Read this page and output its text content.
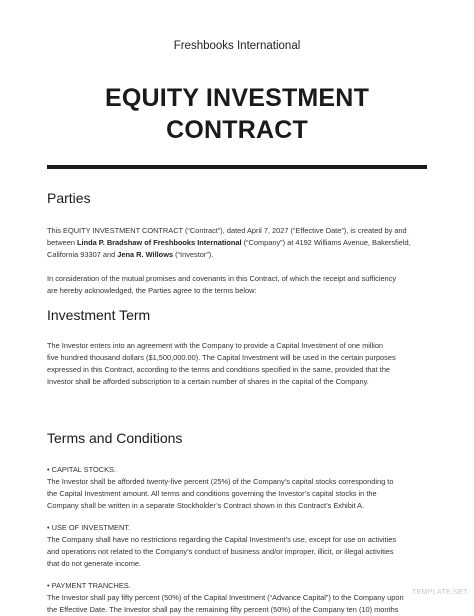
Freshbooks International
EQUITY INVESTMENT
CONTRACT
Parties

This EQUITY INVESTMENT CONTRACT (“Contract”), dated April 7, 2027 (“Effective Date”), is created by and
between Linda P. Bradshaw of Freshbooks International (“Company”) at 4192 Williams Avenue, Bakersfield,
California 93307 and Jena R. Willows (“Investor”).

In consideration of the mutual promises and covenants in this Contract, of which the receipt and sufficiency
are hereby acknowledged, the Parties agree to the terms below:

Investment Term

The Investor enters into an agreement with the Company to provide a Capital Investment of one million
five hundred thousand dollars ($1,500,000.00). The Capital Investment will be used in the certain purposes
expressed in this Contract, according to the terms and conditions specified in the same, provided that the
Investor shall be afforded subscription to a certain number of shares in the capital of the Company.

Terms and Conditions

• CAPITAL STOCKS.
The Investor shall be afforded twenty-five percent (25%) of the Company’s capital stocks corresponding to
the Capital Investment amount. All terms and conditions governing the Investor’s capital stocks in the
Company shall be written in a separate Stockholder’s Contract shown in this Contract’s Exhibit A.

• USE OF INVESTMENT.
The Company shall have no restrictions regarding the Capital Investment’s use, except for use on activities
and operations not related to the Company’s conduct of business and/or improper, illicit, or illegal activities
that do not generate income.

• PAYMENT TRANCHES.
The Investor shall pay fifty percent (50%) of the Capital Investment (“Advance Capital”) to the Company upon
the Effective Date. The Investor shall pay the remaining fifty percent (50%) of the Company ten (10) months

TEMPLATE.NET
